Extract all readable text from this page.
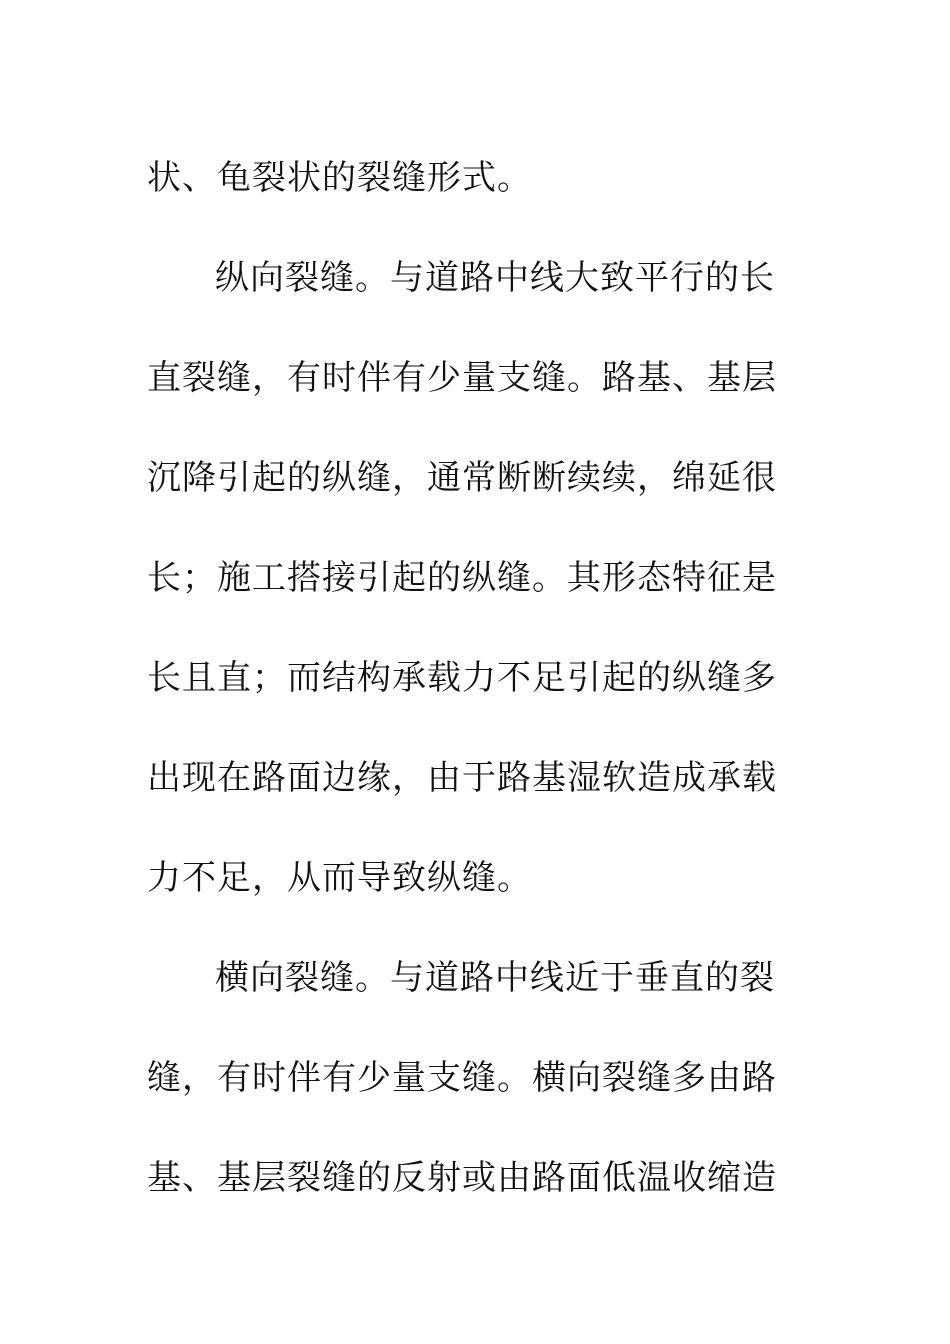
状、龟裂状的裂缝形式。
纵向裂缝。与道路中线大致平行的长
直裂缝，有时伴有少量支缝。路基、基层
沉降引起的纵缝，通常断断续续，绵延很
长；施工搭接引起的纵缝。其形态特征是
长且直；而结构承载力不足引起的纵缝多
出现在路面边缘，由于路基湿软造成承载
力不足，从而导致纵缝。
横向裂缝。与道路中线近于垂直的裂
缝，有时伴有少量支缝。横向裂缝多由路
基、基层裂缝的反射或由路面低温收缩造
